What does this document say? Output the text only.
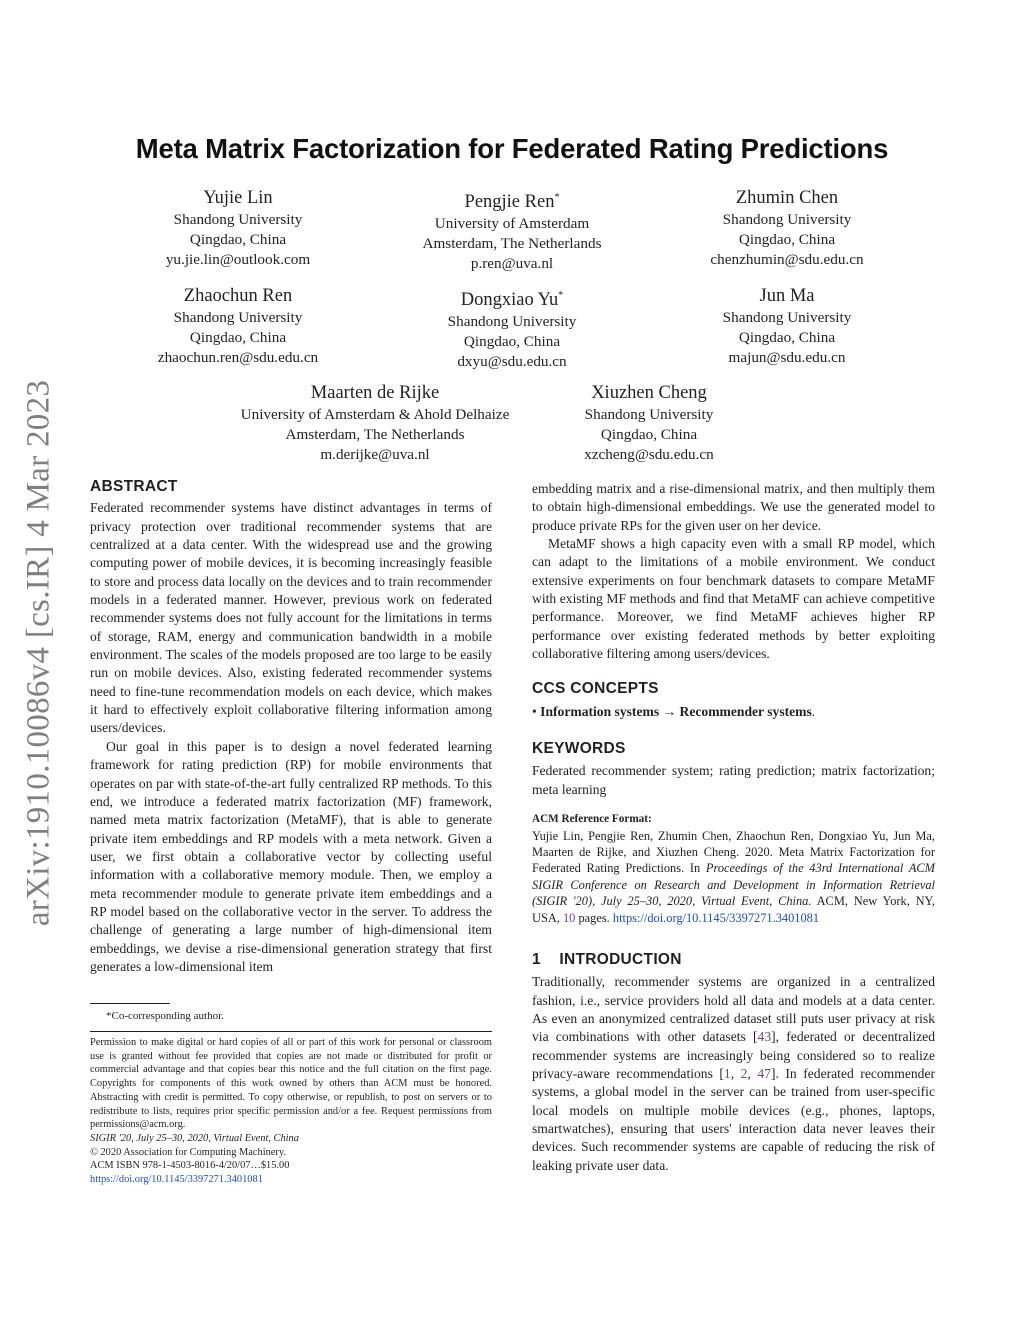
arXiv:1910.10086v4 [cs.IR] 4 Mar 2023
Meta Matrix Factorization for Federated Rating Predictions
Yujie Lin
Shandong University
Qingdao, China
yu.jie.lin@outlook.com
Pengjie Ren*
University of Amsterdam
Amsterdam, The Netherlands
p.ren@uva.nl
Zhumin Chen
Shandong University
Qingdao, China
chenzhumin@sdu.edu.cn
Zhaochun Ren
Shandong University
Qingdao, China
zhaochun.ren@sdu.edu.cn
Dongxiao Yu*
Shandong University
Qingdao, China
dxyu@sdu.edu.cn
Jun Ma
Shandong University
Qingdao, China
majun@sdu.edu.cn
Maarten de Rijke
University of Amsterdam & Ahold Delhaize
Amsterdam, The Netherlands
m.derijke@uva.nl
Xiuzhen Cheng
Shandong University
Qingdao, China
xzcheng@sdu.edu.cn
ABSTRACT

Federated recommender systems have distinct advantages in terms of privacy protection over traditional recommender systems that are centralized at a data center. With the widespread use and the growing computing power of mobile devices, it is becoming increasingly feasible to store and process data locally on the devices and to train recommender models in a federated manner. However, previous work on federated recommender systems does not fully account for the limitations in terms of storage, RAM, energy and communication bandwidth in a mobile environment. The scales of the models proposed are too large to be easily run on mobile devices. Also, existing federated recommender systems need to fine-tune recommendation models on each device, which makes it hard to effectively exploit collaborative filtering information among users/devices.

Our goal in this paper is to design a novel federated learning framework for rating prediction (RP) for mobile environments that operates on par with state-of-the-art fully centralized RP methods. To this end, we introduce a federated matrix factorization (MF) framework, named meta matrix factorization (MetaMF), that is able to generate private item embeddings and RP models with a meta network. Given a user, we first obtain a collaborative vector by collecting useful information with a collaborative memory module. Then, we employ a meta recommender module to generate private item embeddings and a RP model based on the collaborative vector in the server. To address the challenge of generating a large number of high-dimensional item embeddings, we devise a rise-dimensional generation strategy that first generates a low-dimensional item

*Co-corresponding author.

Permission to make digital or hard copies of all or part of this work for personal or classroom use is granted without fee provided that copies are not made or distributed for profit or commercial advantage and that copies bear this notice and the full citation on the first page. Copyrights for components of this work owned by others than ACM must be honored. Abstracting with credit is permitted. To copy otherwise, or republish, to post on servers or to redistribute to lists, requires prior specific permission and/or a fee. Request permissions from permissions@acm.org.

SIGIR '20, July 25–30, 2020, Virtual Event, China

© 2020 Association for Computing Machinery.

ACM ISBN 978-1-4503-8016-4/20/07…$15.00

https://doi.org/10.1145/3397271.3401081

embedding matrix and a rise-dimensional matrix, and then multiply them to obtain high-dimensional embeddings. We use the generated model to produce private RPs for the given user on her device.

MetaMF shows a high capacity even with a small RP model, which can adapt to the limitations of a mobile environment. We conduct extensive experiments on four benchmark datasets to compare MetaMF with existing MF methods and find that MetaMF can achieve competitive performance. Moreover, we find MetaMF achieves higher RP performance over existing federated methods by better exploiting collaborative filtering among users/devices.

CCS CONCEPTS

• Information systems → Recommender systems.

KEYWORDS

Federated recommender system; rating prediction; matrix factorization; meta learning

ACM Reference Format:

Yujie Lin, Pengjie Ren, Zhumin Chen, Zhaochun Ren, Dongxiao Yu, Jun Ma, Maarten de Rijke, and Xiuzhen Cheng. 2020. Meta Matrix Factorization for Federated Rating Predictions. In Proceedings of the 43rd International ACM SIGIR Conference on Research and Development in Information Retrieval (SIGIR '20), July 25–30, 2020, Virtual Event, China. ACM, New York, NY, USA, 10 pages. https://doi.org/10.1145/3397271.3401081

1    INTRODUCTION

Traditionally, recommender systems are organized in a centralized fashion, i.e., service providers hold all data and models at a data center. As even an anonymized centralized dataset still puts user privacy at risk via combinations with other datasets [43], federated or decentralized recommender systems are increasingly being considered so to realize privacy-aware recommendations [1, 2, 47]. In federated recommender systems, a global model in the server can be trained from user-specific local models on multiple mobile devices (e.g., phones, laptops, smartwatches), ensuring that users' interaction data never leaves their devices. Such recommender systems are capable of reducing the risk of leaking private user data.
